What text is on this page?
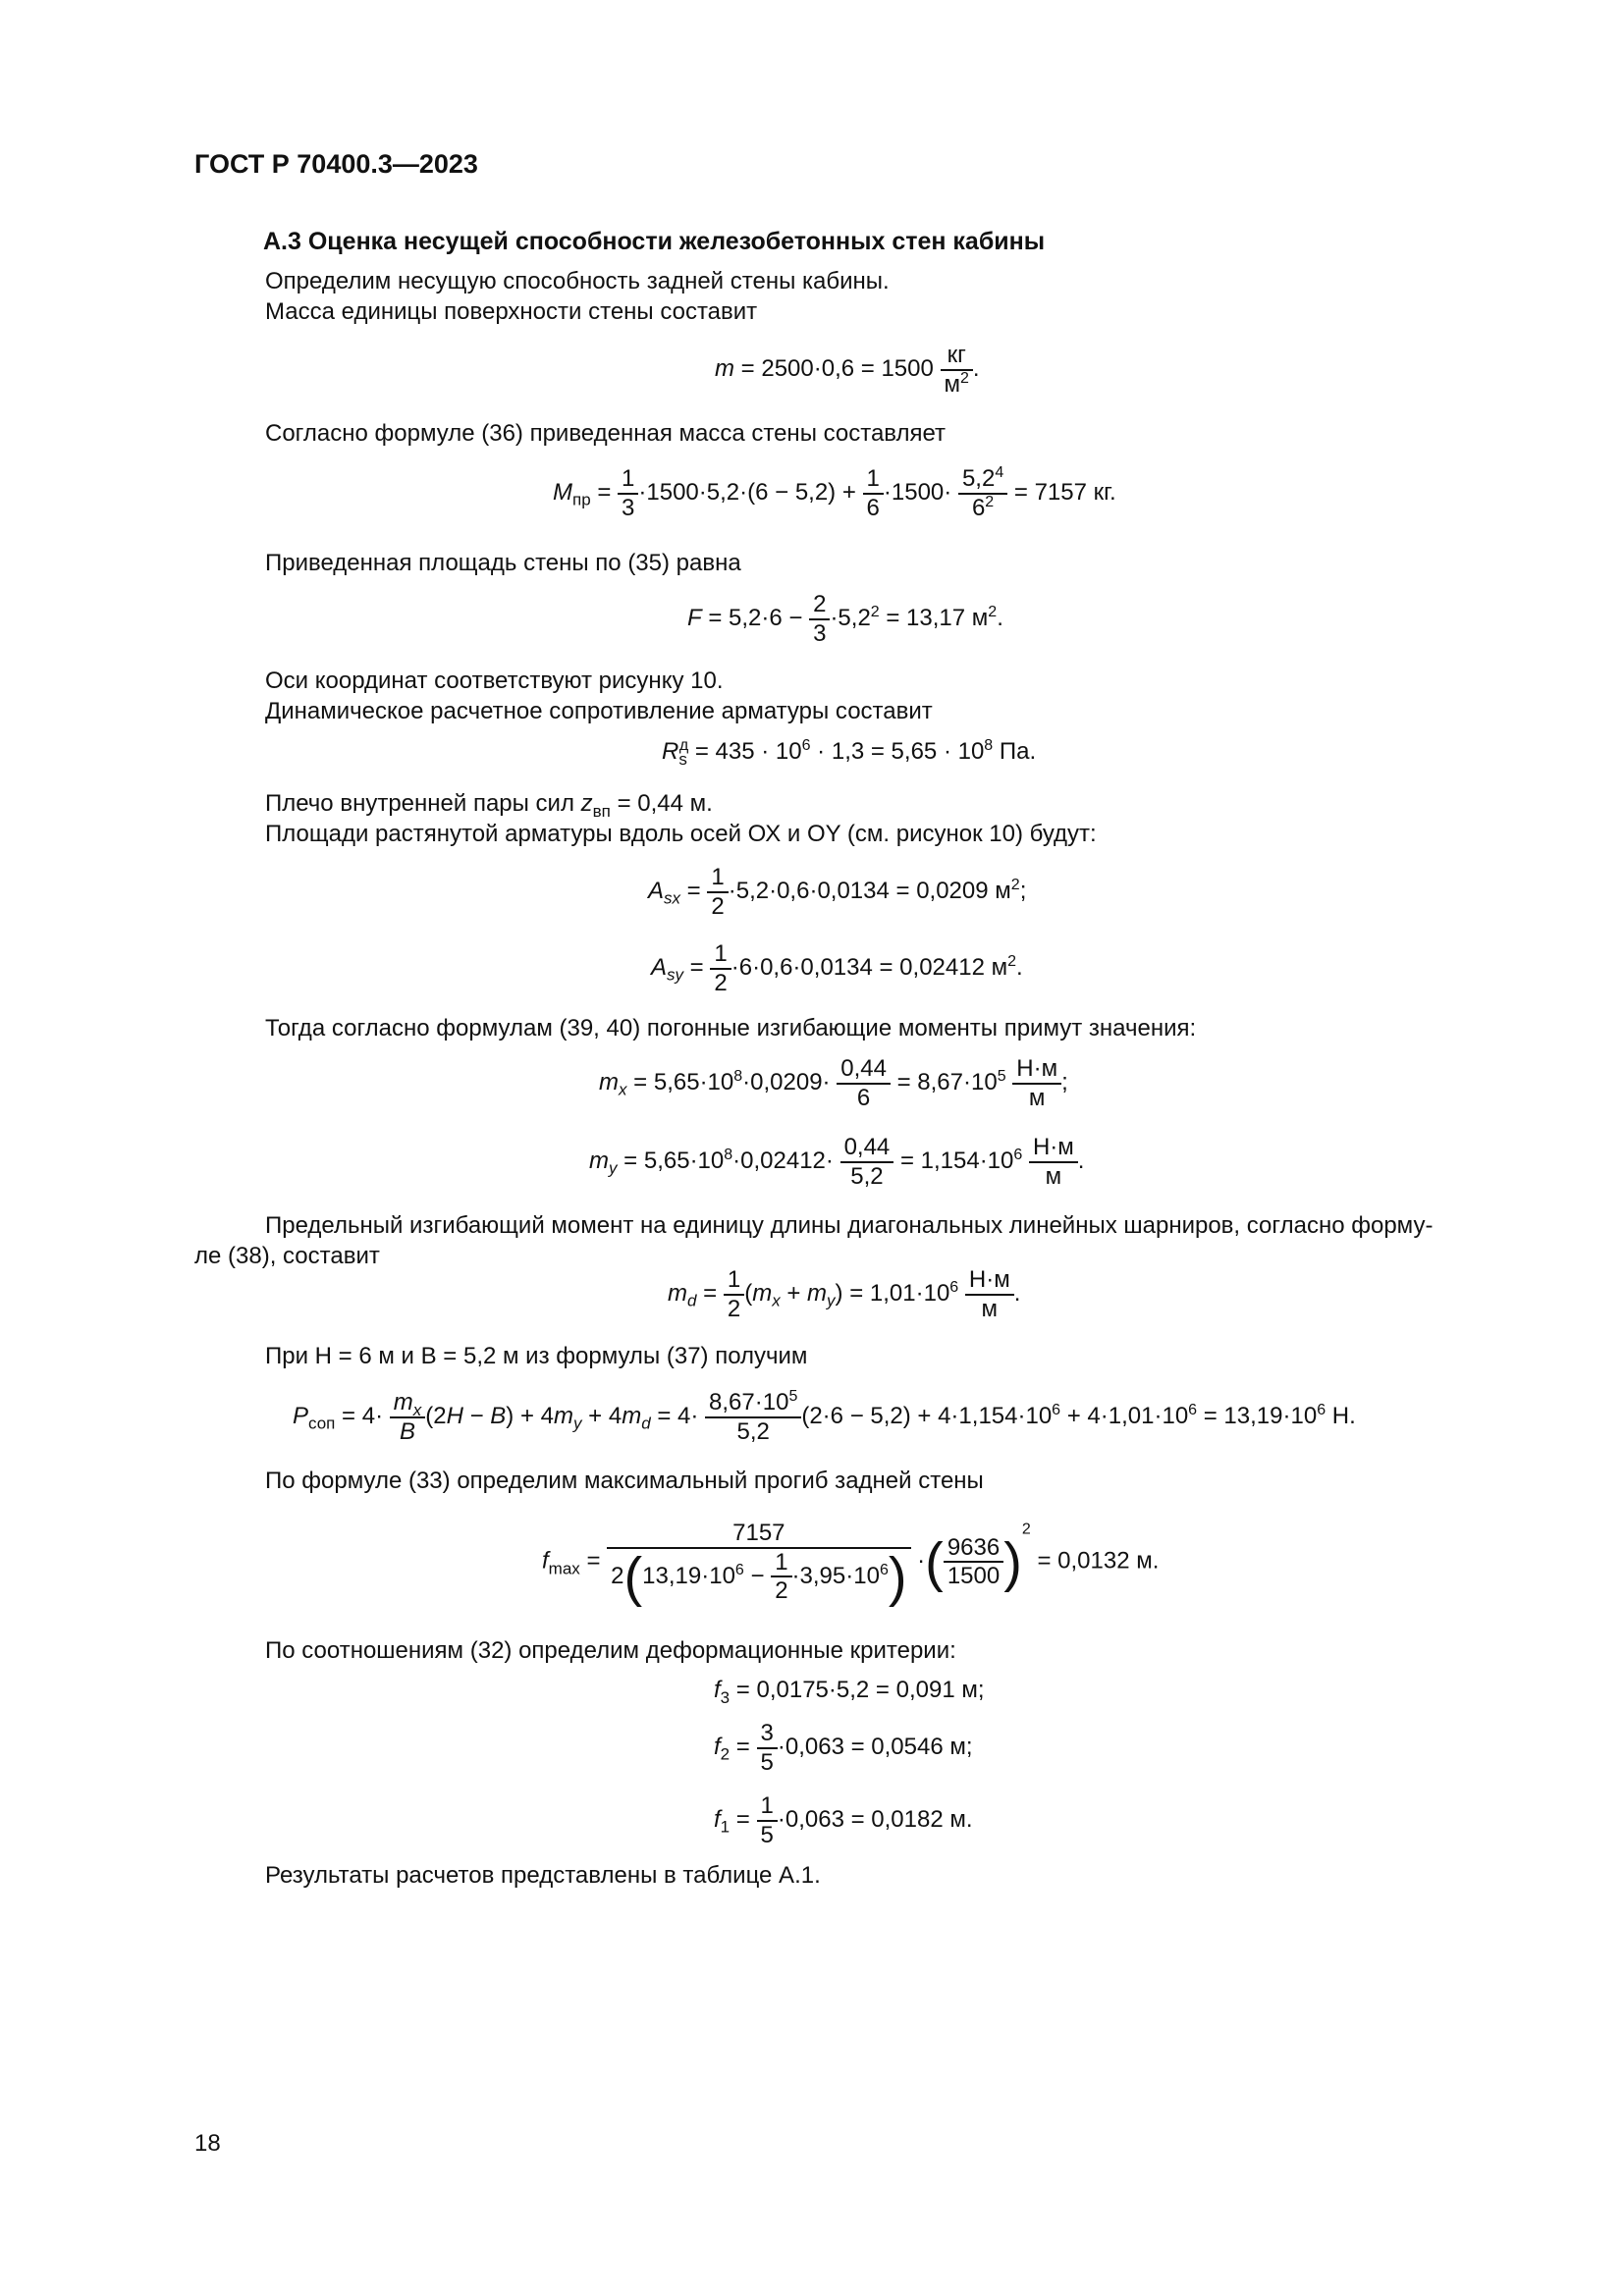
ГОСТ Р 70400.3—2023
А.3 Оценка несущей способности железобетонных стен кабины
Определим несущую способность задней стены кабины.
Масса единицы поверхности стены составит
$m = 2500\cdot 0,6 = 1500 \frac{кг}{м^2}$ .
Согласно формуле (36) приведенная масса стены составляет
$M_{пр} = \frac{1}{3} \cdot 1500\cdot 5,2\cdot(6 - 5,2) + \frac{1}{6} \cdot 1500\cdot \frac{5,2^4}{6^2} = 7157$ кг.
Приведенная площадь стены по (35) равна
$F = 5,2\cdot 6 - \frac{2}{3} \cdot 5,2^2 = 13,17$ $м^2$.
Оси координат соответствуют рисунку 10.
Динамическое расчетное сопротивление арматуры составит
$R_s^д = 435 \cdot 10^6 \cdot 1,3 = 5,65 \cdot 10^8$ Па.
Плечо внутренней пары сил $z_{вп} = 0,44$ м.
Площади растянутой арматуры вдоль осей ОХ и OY (см. рисунок 10) будут:
$A_{sx} = \frac{1}{2} \cdot 5,2\cdot 0,6\cdot 0,0134 = 0,0209$ $м^2$;
$A_{sy} = \frac{1}{2} \cdot 6\cdot 0,6\cdot 0,0134 = 0,02412$ $м^2$.
Тогда согласно формулам (39, 40) погонные изгибающие моменты примут значения:
$m_x = 5,65\cdot 10^8\cdot 0,0209\cdot \frac{0,44}{6} = 8,67\cdot 10^5 \frac{Н\cdot м}{м}$ ;
$m_y = 5,65\cdot 10^8\cdot 0,02412\cdot \frac{0,44}{5,2} = 1,154\cdot 10^6 \frac{Н\cdot м}{м}$ .
Предельный изгибающий момент на единицу длины диагональных линейных шарниров, согласно форму-
ле (38), составит
$m_d = \frac{1}{2} (m_x + m_y) = 1,01\cdot 10^6 \frac{Н\cdot м}{м}$ .
При H = 6 м и B = 5,2 м из формулы (37) получим
$P_{соп} = 4\cdot \frac{m_x}{B} (2H - B) + 4m_y + 4m_d = 4\cdot \frac{8,67\cdot 10^5}{5,2} (2\cdot 6 - 5,2) + 4\cdot 1,154\cdot 10^6 + 4\cdot 1,01\cdot 10^6 = 13,19\cdot 10^6$ Н.
По формуле (33) определим максимальный прогиб задней стены
$f_{max} = \frac{7157}{2(13,19\cdot 10^6 - \frac{1}{2} \cdot 3,95\cdot 10^6)}$ ·( $\frac{9636}{1500} )^2 = 0,0132$ м.
По соотношениям (32) определим деформационные критерии:
$f_3 = 0,0175\cdot 5,2 = 0,091$ м;
$f_2 = \frac{3}{5} \cdot 0,063 = 0,0546$ м;
$f_1 = \frac{1}{5} \cdot 0,063 = 0,0182$ м.
Результаты расчетов представлены в таблице А.1.
18
